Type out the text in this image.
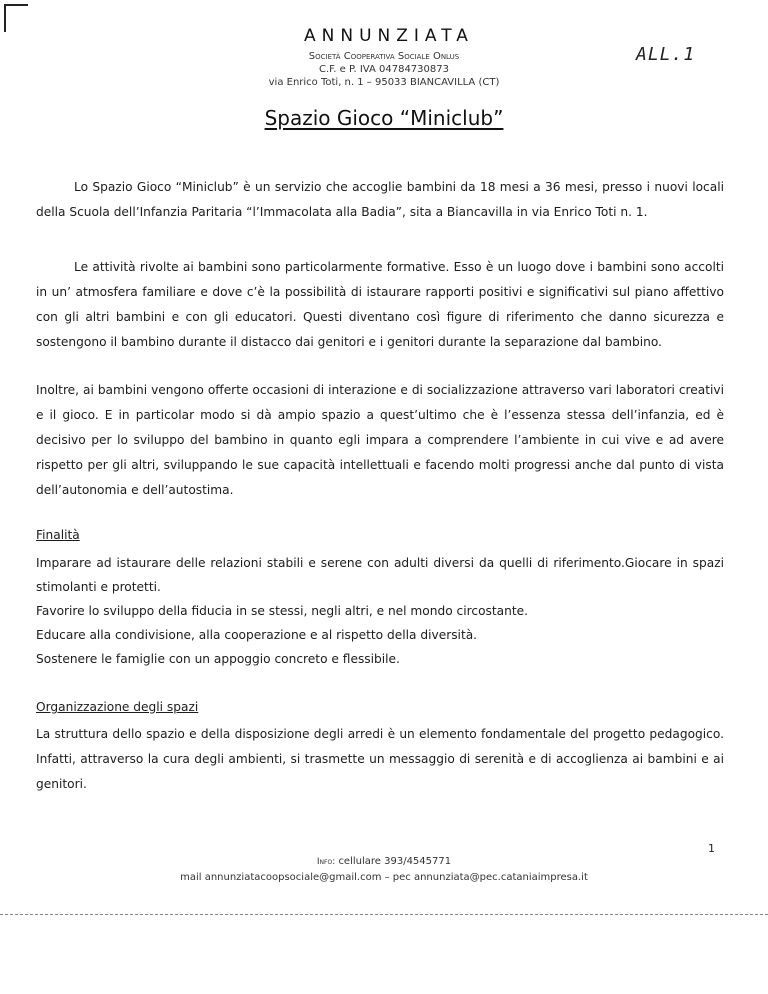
ANNUNZIATA
Società Cooperativa Sociale Onlus
C.F. e P. IVA 04784730873
via Enrico Toti, n. 1 – 95033 BIANCAVILLA (CT)
ALL.1
Spazio Gioco “Miniclub”

Lo Spazio Gioco “Miniclub” è un servizio che accoglie bambini da 18 mesi a 36 mesi, presso i nuovi locali della Scuola dell’Infanzia Paritaria “l’Immacolata alla Badia”, sita a Biancavilla in via Enrico Toti n. 1.

Le attività rivolte ai bambini sono particolarmente formative. Esso è un luogo dove i bambini sono accolti in un’ atmosfera familiare e dove c’è la possibilità di istaurare rapporti positivi e significativi sul piano affettivo con gli altri bambini e con gli educatori. Questi diventano così figure di riferimento che danno sicurezza e sostengono il bambino durante il distacco dai genitori e i genitori durante la separazione dal bambino.

Inoltre, ai bambini vengono offerte occasioni di interazione e di socializzazione attraverso vari laboratori creativi e il gioco. E in particolar modo si dà ampio spazio a quest’ultimo che è l’essenza stessa dell’infanzia, ed è decisivo per lo sviluppo del bambino in quanto egli impara a comprendere l’ambiente in cui vive e ad avere rispetto per gli altri, sviluppando le sue capacità intellettuali e facendo molti progressi anche dal punto di vista dell’autonomia e dell’autostima.

Finalità
Imparare ad istaurare delle relazioni stabili e serene con adulti diversi da quelli di riferimento.Giocare in spazi stimolanti e protetti.
Favorire lo sviluppo della fiducia in se stessi, negli altri, e nel mondo circostante.
Educare alla condivisione, alla cooperazione e al rispetto della diversità.
Sostenere le famiglie con un appoggio concreto e flessibile.
Organizzazione degli spazi

La struttura dello spazio e della disposizione degli arredi è un elemento fondamentale del progetto pedagogico. Infatti, attraverso la cura degli ambienti, si trasmette un messaggio di serenità e di accoglienza ai bambini e ai genitori.

1
Info: cellulare 393/4545771
mail annunziatacoopsociale@gmail.com – pec annunziata@pec.cataniaimpresa.it
